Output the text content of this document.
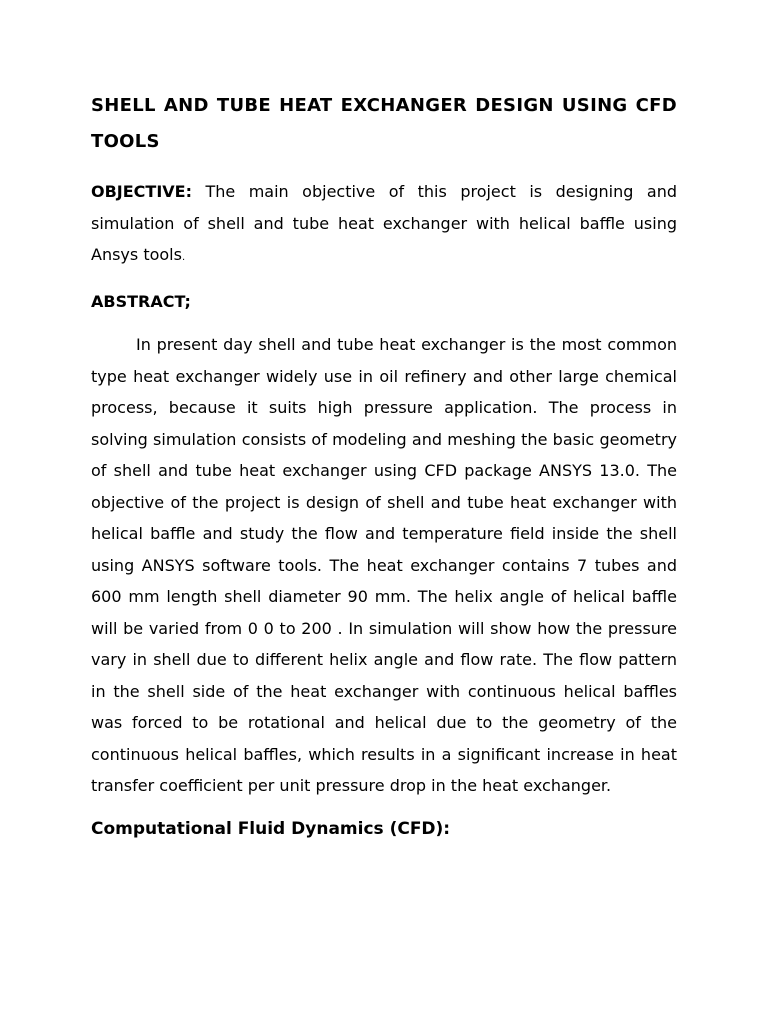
SHELL AND TUBE HEAT EXCHANGER DESIGN USING CFD TOOLS

OBJECTIVE: The main objective of this project is designing and simulation of shell and tube heat exchanger with helical baffle using Ansys tools.

ABSTRACT;

In present day shell and tube heat exchanger is the most common type heat exchanger widely use in oil refinery and other large chemical process, because it suits high pressure application. The process in solving simulation consists of modeling and meshing the basic geometry of shell and tube heat exchanger using CFD package ANSYS 13.0. The objective of the project is design of shell and tube heat exchanger with helical baffle and study the flow and temperature field inside the shell using ANSYS software tools. The heat exchanger contains 7 tubes and 600 mm length shell diameter 90 mm. The helix angle of helical baffle will be varied from 0 0 to 200 . In simulation will show how the pressure vary in shell due to different helix angle and flow rate. The flow pattern in the shell side of the heat exchanger with continuous helical baffles was forced to be rotational and helical due to the geometry of the continuous helical baffles, which results in a significant increase in heat transfer coefficient per unit pressure drop in the heat exchanger.

Computational Fluid Dynamics (CFD):
